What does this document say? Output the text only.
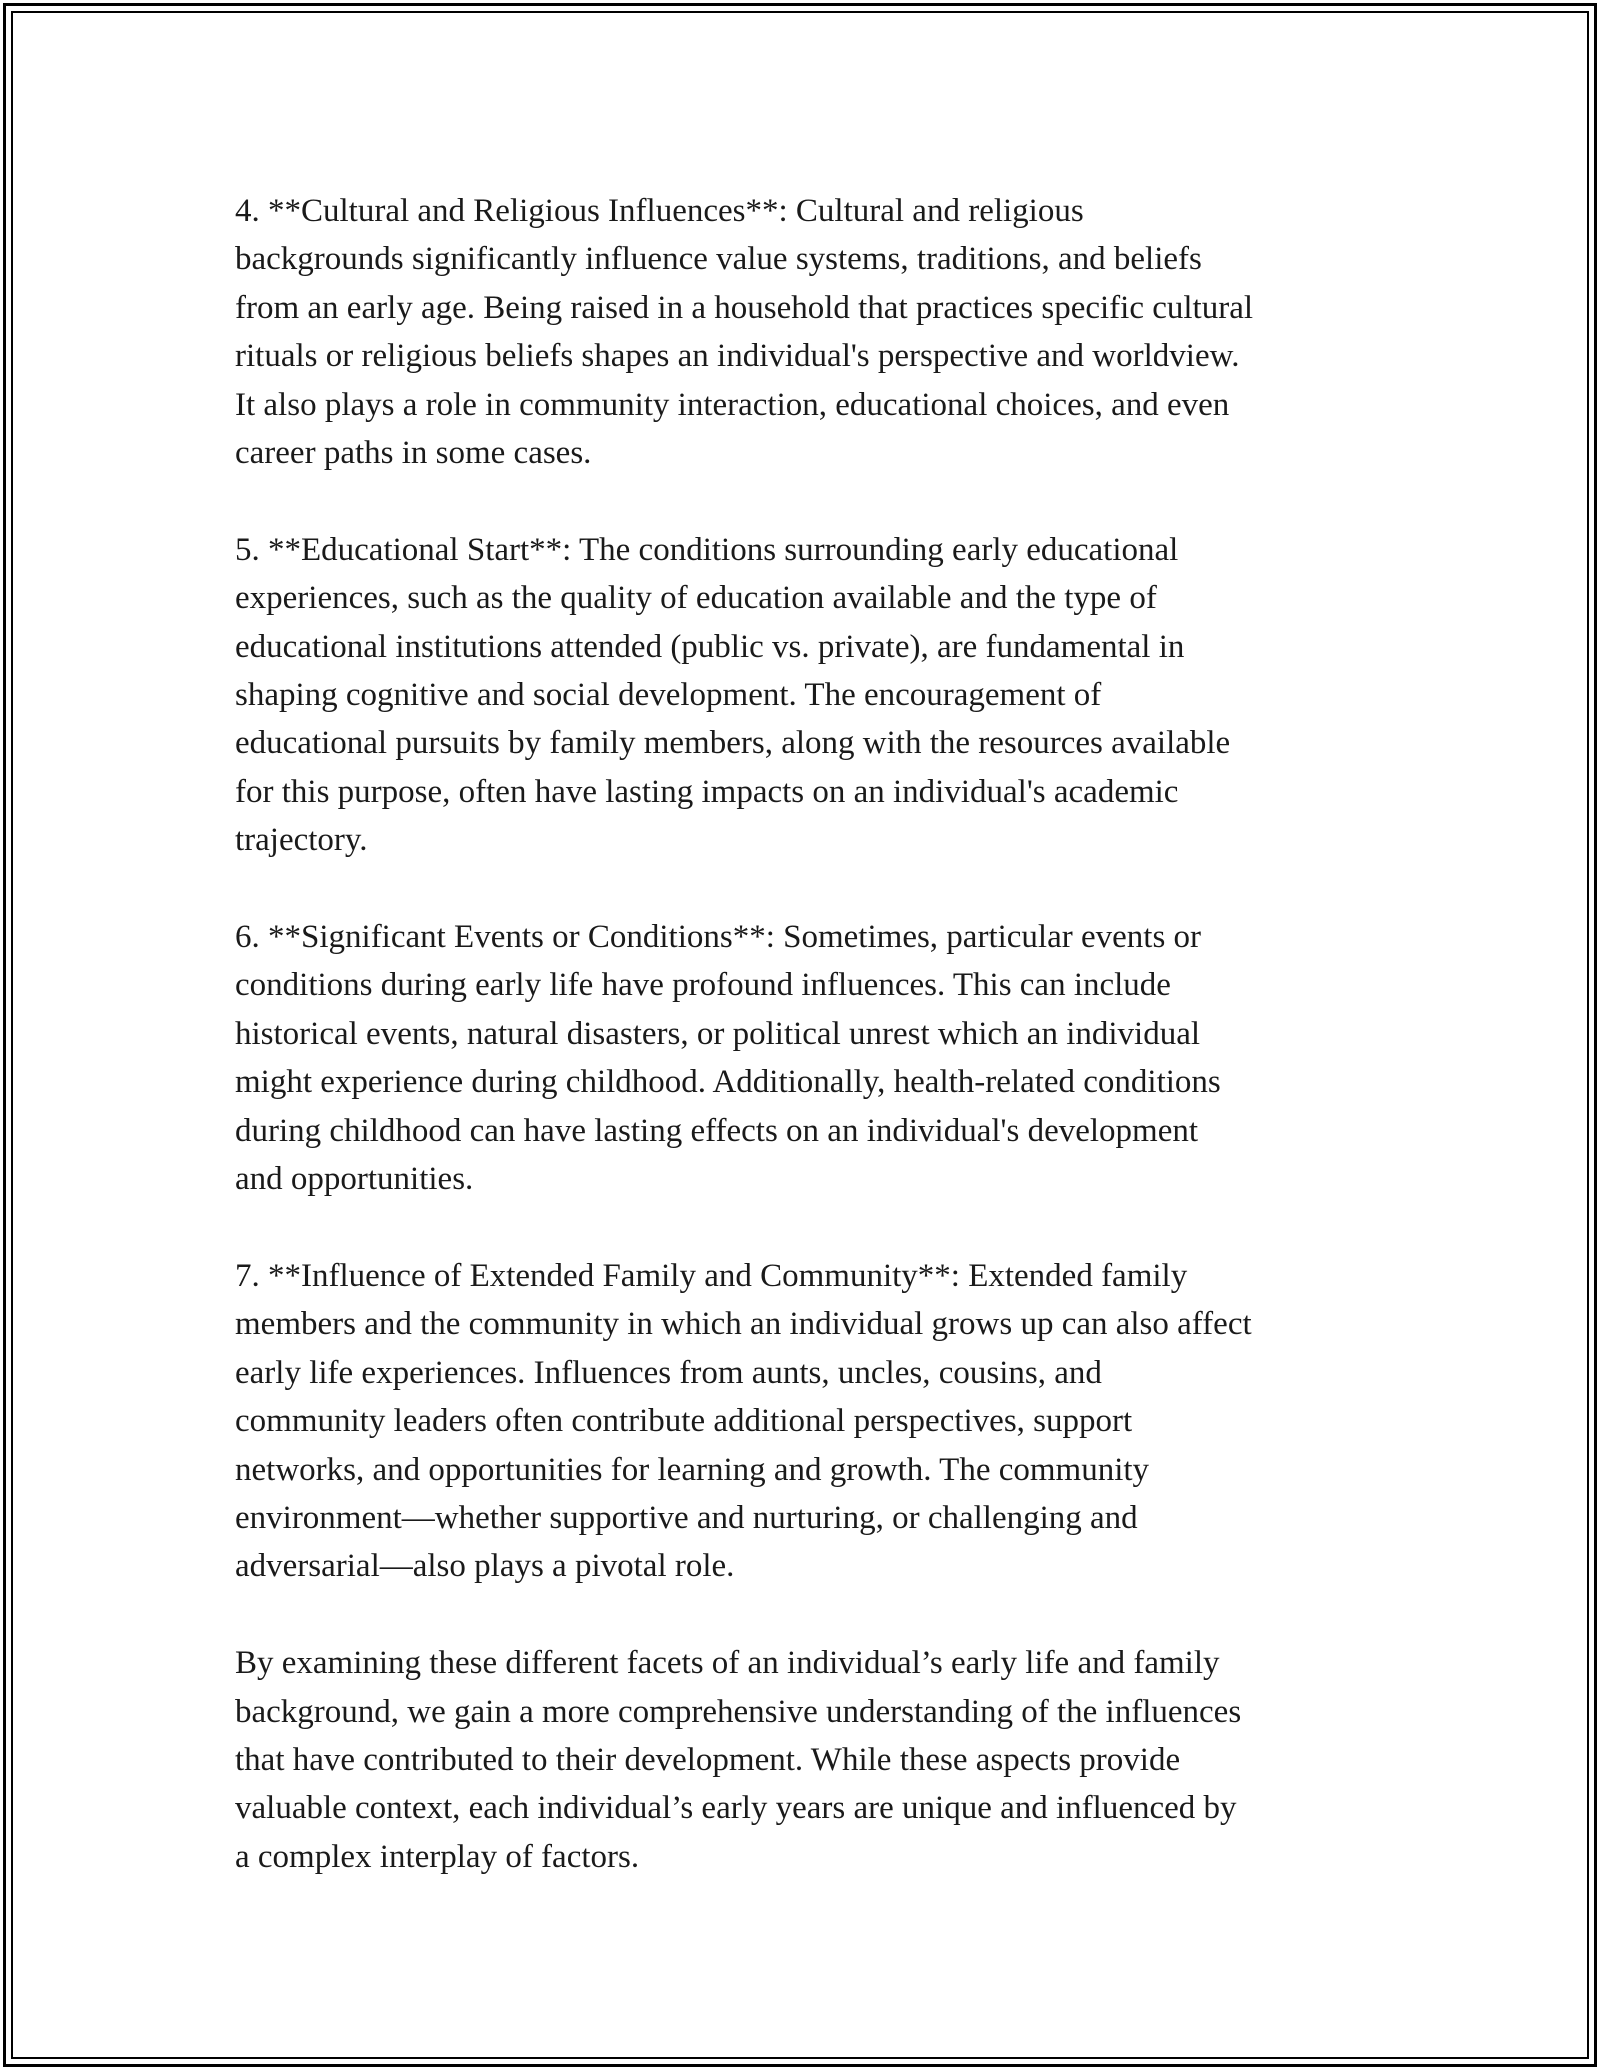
4. **Cultural and Religious Influences**: Cultural and religious
backgrounds significantly influence value systems, traditions, and beliefs
from an early age. Being raised in a household that practices specific cultural
rituals or religious beliefs shapes an individual's perspective and worldview.
It also plays a role in community interaction, educational choices, and even
career paths in some cases.

5. **Educational Start**: The conditions surrounding early educational
experiences, such as the quality of education available and the type of
educational institutions attended (public vs. private), are fundamental in
shaping cognitive and social development. The encouragement of
educational pursuits by family members, along with the resources available
for this purpose, often have lasting impacts on an individual's academic
trajectory.

6. **Significant Events or Conditions**: Sometimes, particular events or
conditions during early life have profound influences. This can include
historical events, natural disasters, or political unrest which an individual
might experience during childhood. Additionally, health-related conditions
during childhood can have lasting effects on an individual's development
and opportunities.

7. **Influence of Extended Family and Community**: Extended family
members and the community in which an individual grows up can also affect
early life experiences. Influences from aunts, uncles, cousins, and
community leaders often contribute additional perspectives, support
networks, and opportunities for learning and growth. The community
environment—whether supportive and nurturing, or challenging and
adversarial—also plays a pivotal role.

By examining these different facets of an individual’s early life and family
background, we gain a more comprehensive understanding of the influences
that have contributed to their development. While these aspects provide
valuable context, each individual’s early years are unique and influenced by
a complex interplay of factors.
